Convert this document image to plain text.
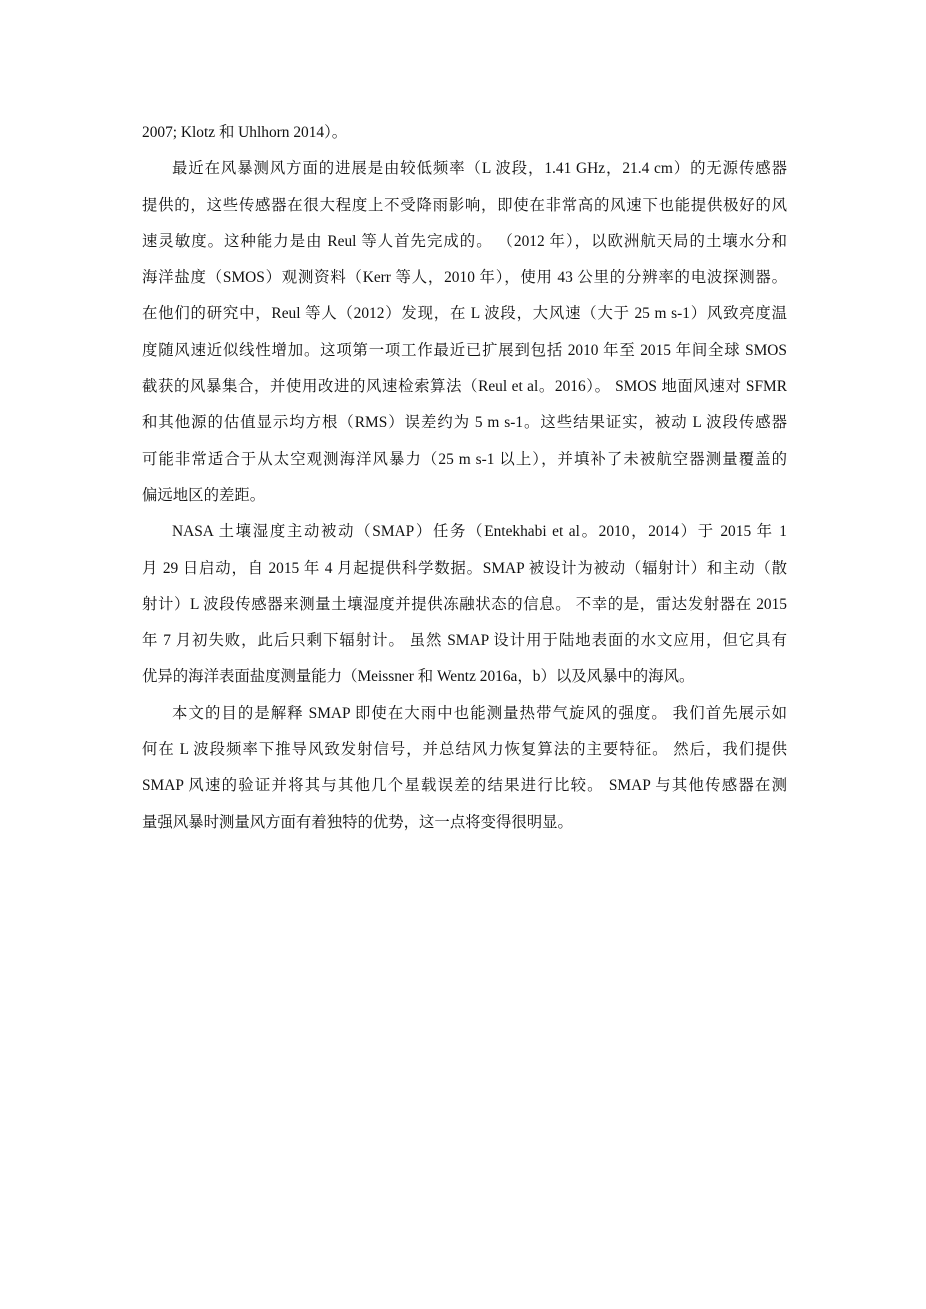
2007; Klotz 和 Uhlhorn 2014）。
最近在风暴测风方面的进展是由较低频率（L 波段，1.41 GHz，21.4 cm）的无源传感器
提供的，这些传感器在很大程度上不受降雨影响，即使在非常高的风速下也能提供极好的风
速灵敏度。这种能力是由 Reul 等人首先完成的。 （2012 年），以欧洲航天局的土壤水分和
海洋盐度（SMOS）观测资料（Kerr 等人，2010 年），使用 43 公里的分辨率的电波探测器。
在他们的研究中，Reul 等人（2012）发现，在 L 波段，大风速（大于 25 m s-1）风致亮度温
度随风速近似线性增加。这项第一项工作最近已扩展到包括 2010 年至 2015 年间全球 SMOS
截获的风暴集合，并使用改进的风速检索算法（Reul et al。2016）。 SMOS 地面风速对 SFMR
和其他源的估值显示均方根（RMS）误差约为 5 m s-1。这些结果证实，被动 L 波段传感器
可能非常适合于从太空观测海洋风暴力（25 m s-1 以上），并填补了未被航空器测量覆盖的
偏远地区的差距。
NASA 土壤湿度主动被动（SMAP）任务（Entekhabi et al。2010，2014）于 2015 年 1
月 29 日启动，自 2015 年 4 月起提供科学数据。SMAP 被设计为被动（辐射计）和主动（散
射计）L 波段传感器来测量土壤湿度并提供冻融状态的信息。 不幸的是，雷达发射器在 2015
年 7 月初失败，此后只剩下辐射计。 虽然 SMAP 设计用于陆地表面的水文应用，但它具有
优异的海洋表面盐度测量能力（Meissner 和 Wentz 2016a，b）以及风暴中的海风。
本文的目的是解释 SMAP 即使在大雨中也能测量热带气旋风的强度。 我们首先展示如
何在 L 波段频率下推导风致发射信号，并总结风力恢复算法的主要特征。 然后，我们提供
SMAP 风速的验证并将其与其他几个星载误差的结果进行比较。 SMAP 与其他传感器在测
量强风暴时测量风方面有着独特的优势，这一点将变得很明显。
